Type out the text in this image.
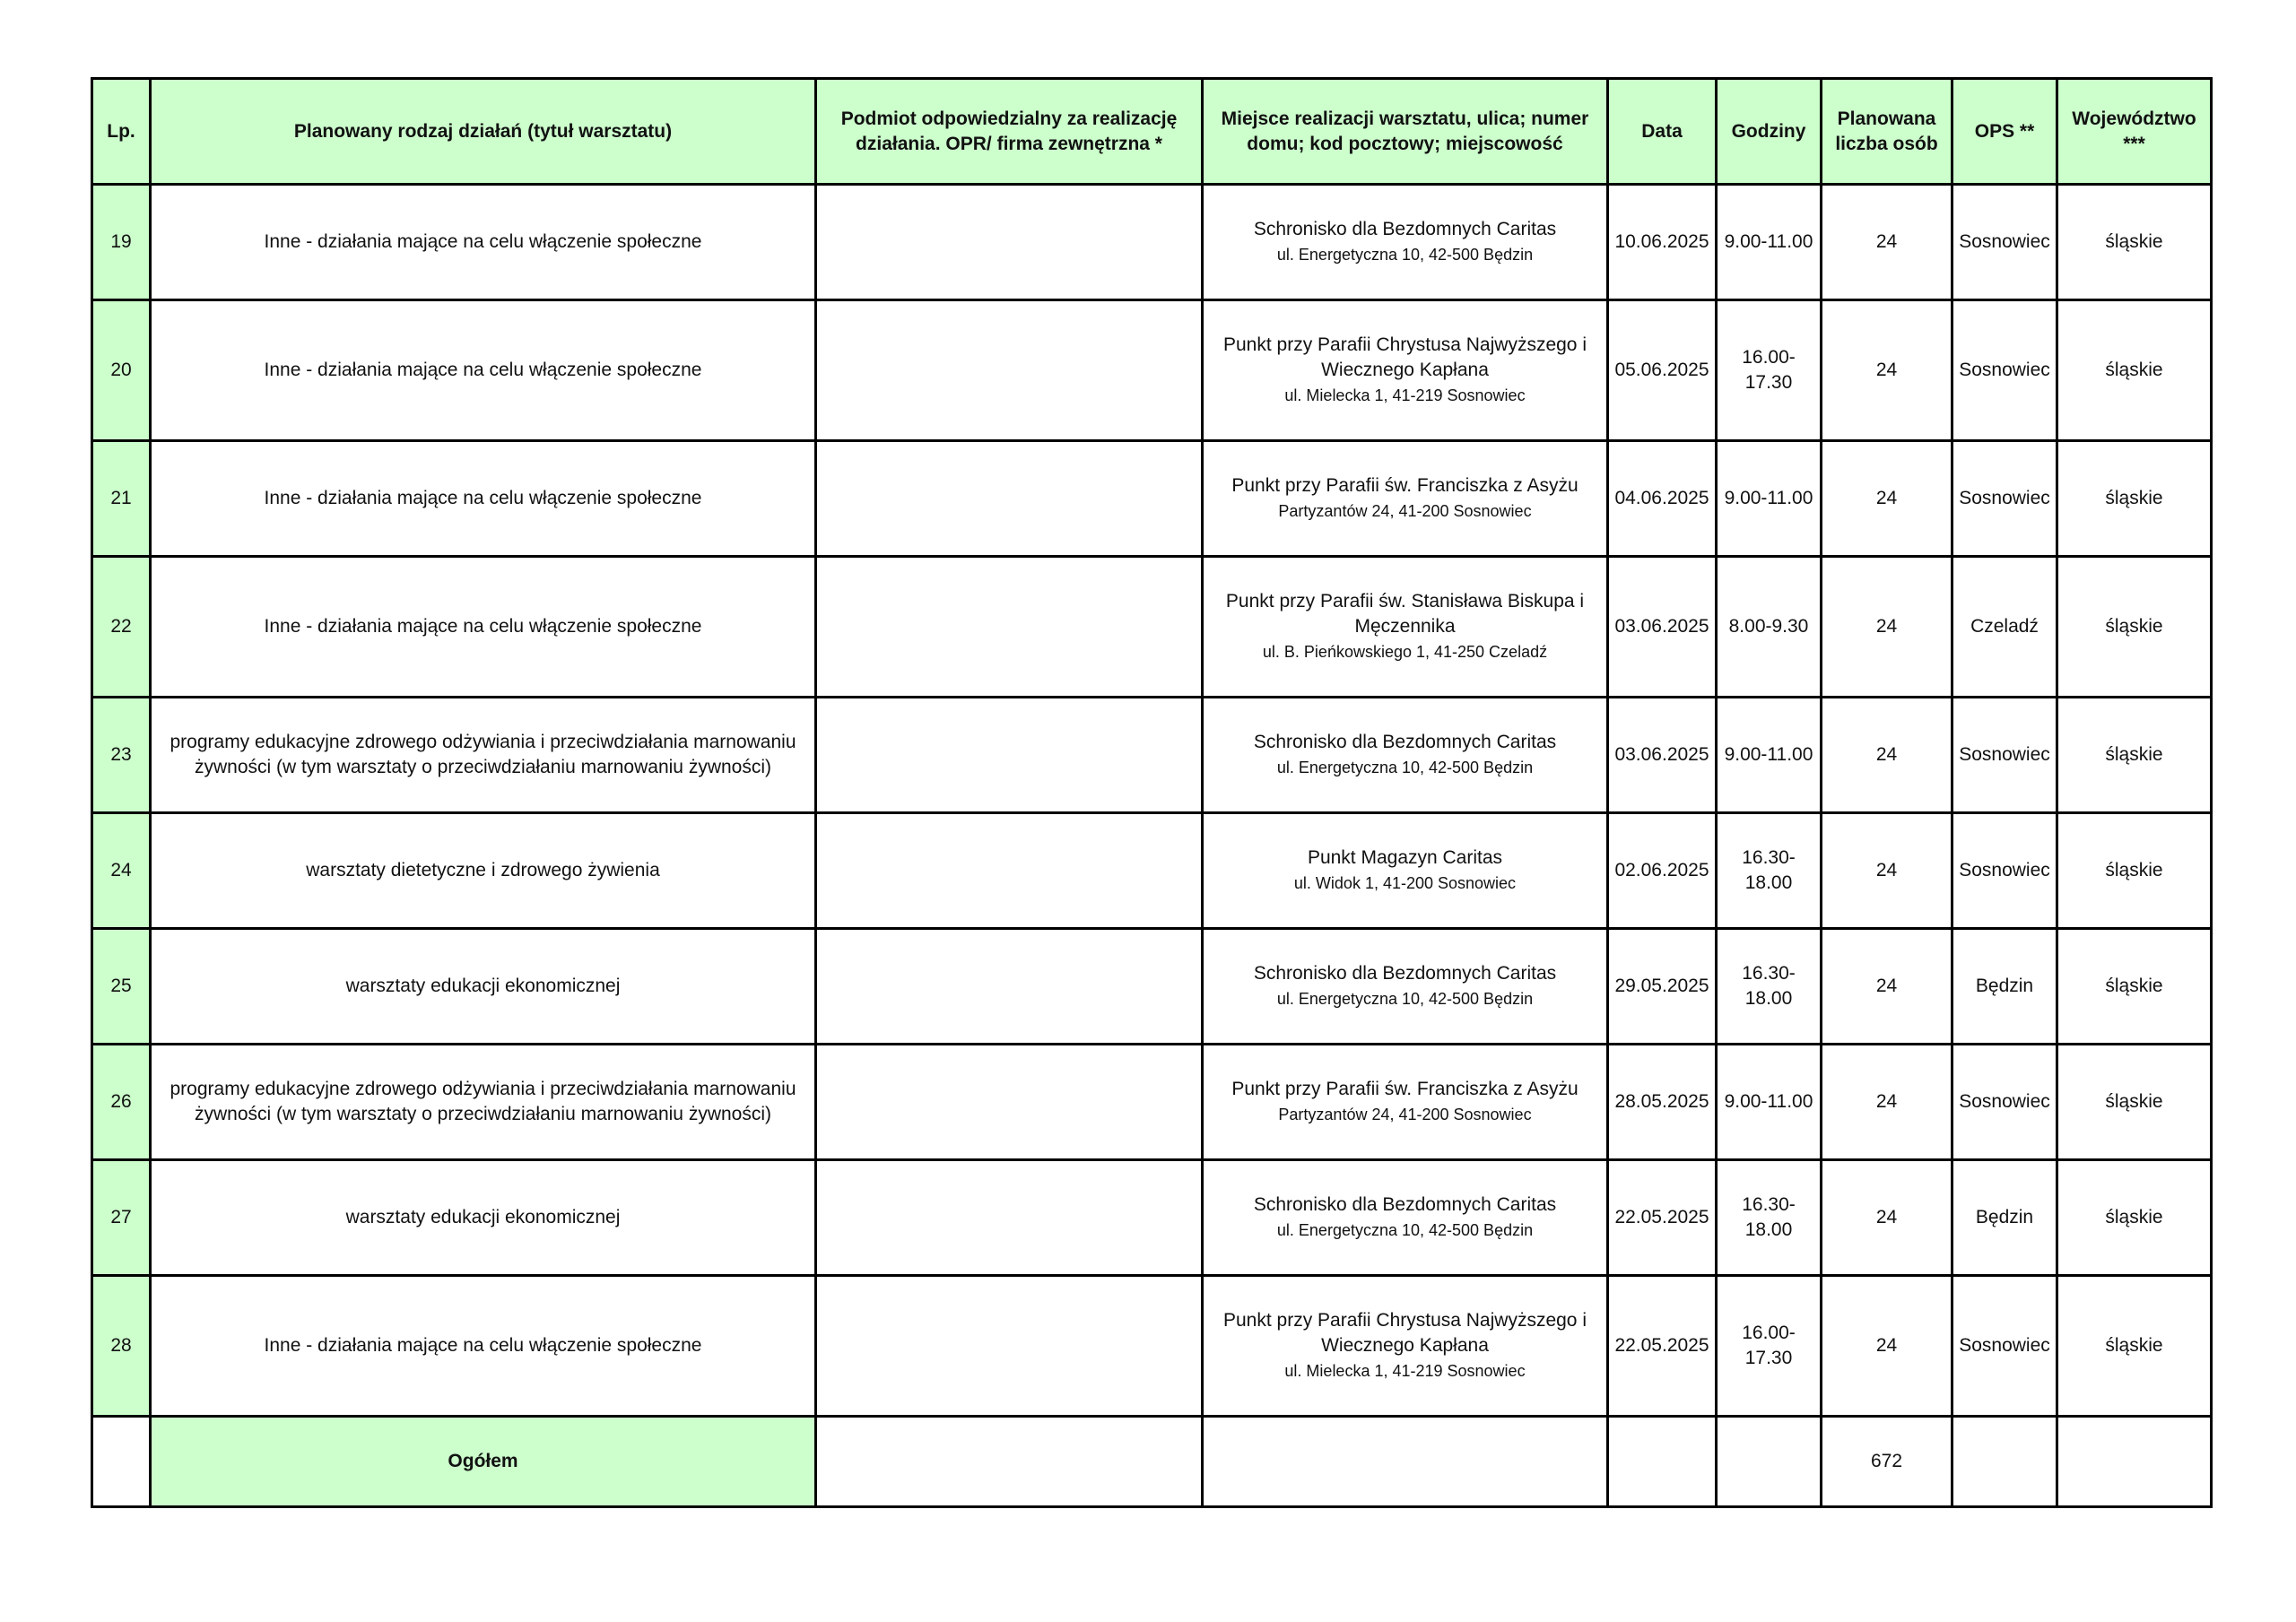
Lp.	Planowany rodzaj działań (tytuł warsztatu)	Podmiot odpowiedzialny za realizację działania. OPR/ firma zewnętrzna *	Miejsce realizacji warsztatu, ulica; numer domu; kod pocztowy; miejscowość	Data	Godziny	Planowana liczba osób	OPS **	Województwo ***
19	Inne - działania mające na celu włączenie społeczne		Schronisko dla Bezdomnych Caritas
ul. Energetyczna 10, 42-500 Będzin	10.06.2025	9.00-11.00	24	Sosnowiec	śląskie
20	Inne - działania mające na celu włączenie społeczne		Punkt przy Parafii Chrystusa Najwyższego i Wiecznego Kapłana
ul. Mielecka 1, 41-219 Sosnowiec	05.06.2025	16.00-17.30	24	Sosnowiec	śląskie
21	Inne - działania mające na celu włączenie społeczne		Punkt przy Parafii św. Franciszka z Asyżu
Partyzantów 24, 41-200 Sosnowiec	04.06.2025	9.00-11.00	24	Sosnowiec	śląskie
22	Inne - działania mające na celu włączenie społeczne		Punkt przy Parafii św. Stanisława Biskupa i Męczennika
ul. B. Pieńkowskiego 1, 41-250 Czeladź	03.06.2025	8.00-9.30	24	Czeladź	śląskie
23	programy edukacyjne zdrowego odżywiania i przeciwdziałania marnowaniu żywności (w tym warsztaty o przeciwdziałaniu marnowaniu żywności)		Schronisko dla Bezdomnych Caritas
ul. Energetyczna 10, 42-500 Będzin	03.06.2025	9.00-11.00	24	Sosnowiec	śląskie
24	warsztaty dietetyczne i zdrowego żywienia		Punkt Magazyn Caritas
ul. Widok 1, 41-200 Sosnowiec	02.06.2025	16.30-18.00	24	Sosnowiec	śląskie
25	warsztaty edukacji ekonomicznej		Schronisko dla Bezdomnych Caritas
ul. Energetyczna 10, 42-500 Będzin	29.05.2025	16.30-18.00	24	Będzin	śląskie
26	programy edukacyjne zdrowego odżywiania i przeciwdziałania marnowaniu żywności (w tym warsztaty o przeciwdziałaniu marnowaniu żywności)		Punkt przy Parafii św. Franciszka z Asyżu
Partyzantów 24, 41-200 Sosnowiec	28.05.2025	9.00-11.00	24	Sosnowiec	śląskie
27	warsztaty edukacji ekonomicznej		Schronisko dla Bezdomnych Caritas
ul. Energetyczna 10, 42-500 Będzin	22.05.2025	16.30-18.00	24	Będzin	śląskie
28	Inne - działania mające na celu włączenie społeczne		Punkt przy Parafii Chrystusa Najwyższego i Wiecznego Kapłana
ul. Mielecka 1, 41-219 Sosnowiec	22.05.2025	16.00-17.30	24	Sosnowiec	śląskie
	Ogółem					672		
